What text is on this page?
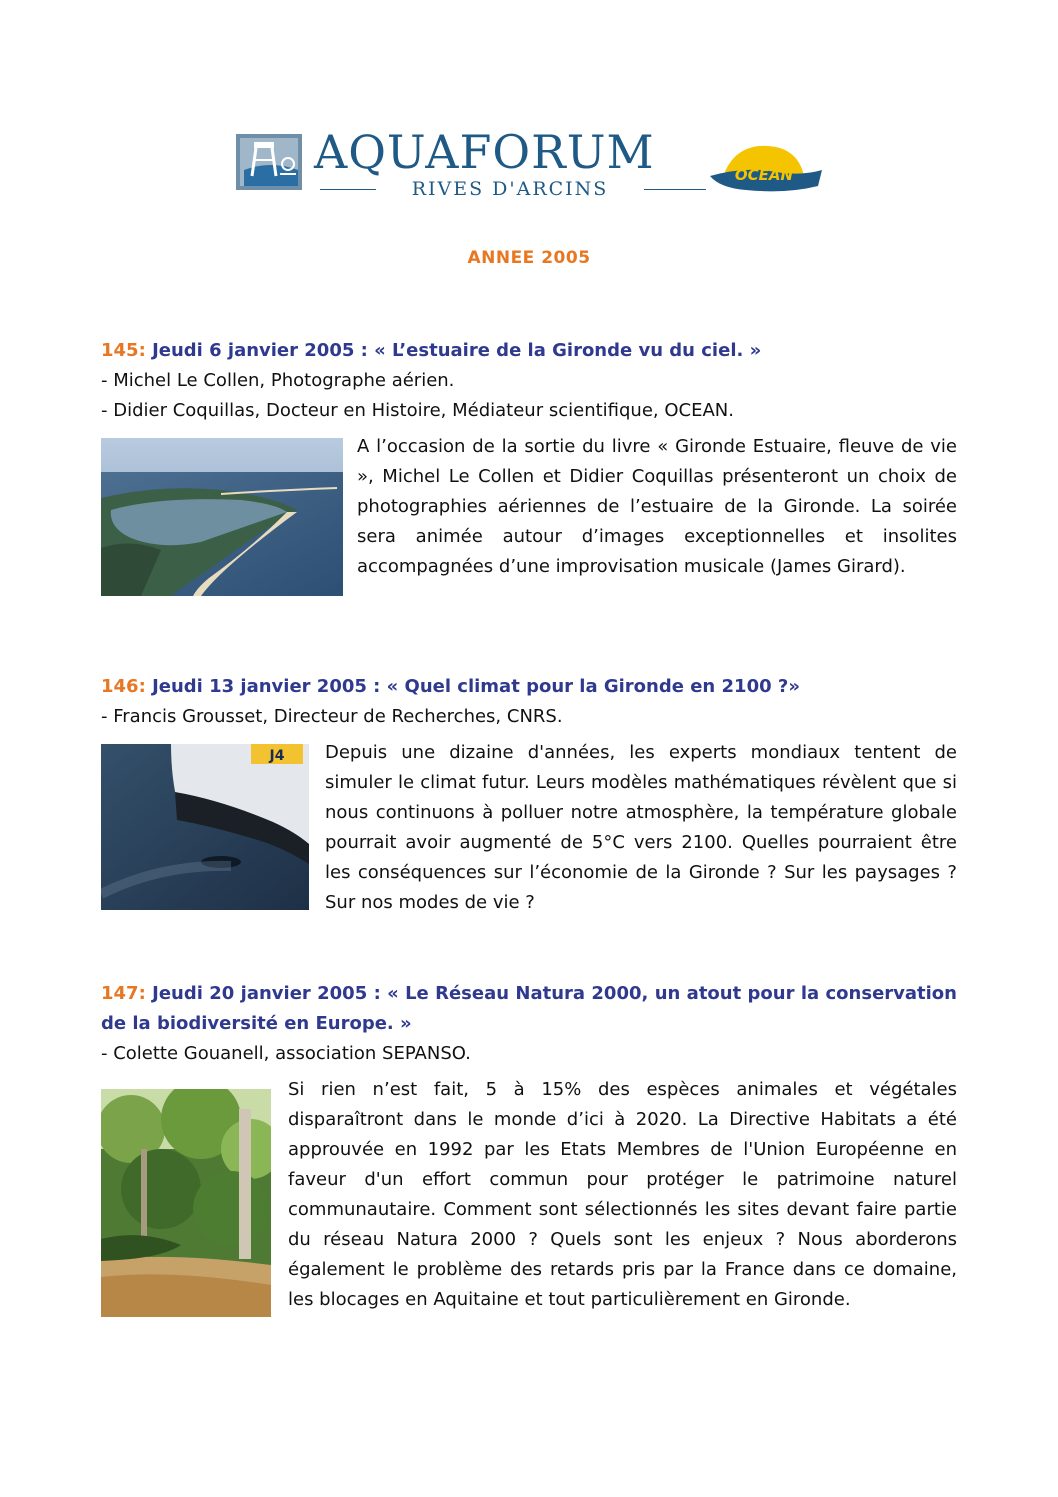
AQUAFORUM
RIVES D'ARCINS
OCEAN
ANNEE 2005
145: Jeudi 6 janvier 2005 : « L’estuaire de la Gironde vu du ciel. »
- Michel Le Collen, Photographe aérien.
- Didier Coquillas, Docteur en Histoire, Médiateur scientifique, OCEAN.
A l’occasion de la sortie du livre « Gironde Estuaire, fleuve de vie », Michel Le Collen et Didier Coquillas présenteront un choix de photographies aériennes de l’estuaire de la Gironde. La soirée sera animée autour d’images exceptionnelles et insolites accompagnées d’une improvisation musicale (James Girard).
146: Jeudi 13 janvier 2005 : « Quel climat pour la Gironde en 2100 ?»
- Francis Grousset, Directeur de Recherches, CNRS.
J4 Depuis une dizaine d'années, les experts mondiaux tentent de simuler le climat futur. Leurs modèles mathématiques révèlent que si nous continuons à polluer notre atmosphère, la température globale pourrait avoir augmenté de 5°C vers 2100. Quelles pourraient être les conséquences sur l’économie de la Gironde ? Sur les paysages ? Sur nos modes de vie ?
147: Jeudi 20 janvier 2005 : « Le Réseau Natura 2000, un atout pour la conservation de la biodiversité en Europe. »
- Colette Gouanell, association SEPANSO.
Si rien n’est fait, 5 à 15% des espèces animales et végétales disparaîtront dans le monde d’ici à 2020. La Directive Habitats a été approuvée en 1992 par les Etats Membres de l'Union Européenne en faveur d'un effort commun pour protéger le patrimoine naturel communautaire. Comment sont sélectionnés les sites devant faire partie du réseau Natura 2000 ? Quels sont les enjeux ? Nous aborderons également le problème des retards pris par la France dans ce domaine, les blocages en Aquitaine et tout particulièrement en Gironde.
